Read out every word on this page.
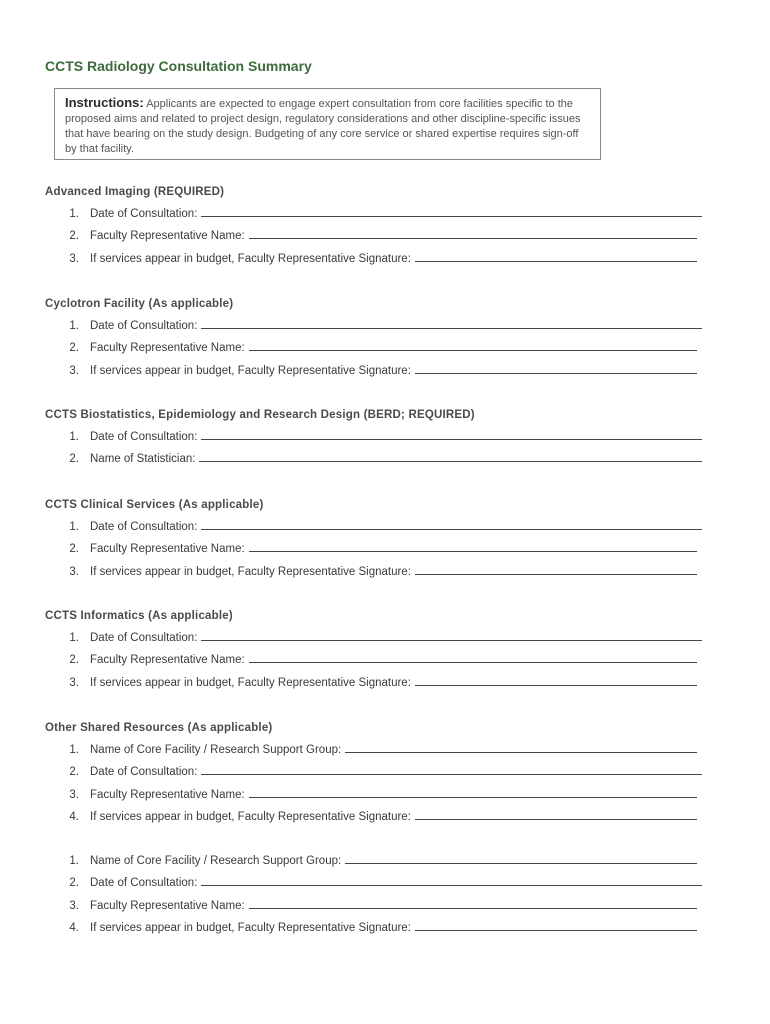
CCTS Radiology Consultation Summary
Instructions: Applicants are expected to engage expert consultation from core facilities specific to the proposed aims and related to project design, regulatory considerations and other discipline-specific issues that have bearing on the study design. Budgeting of any core service or shared expertise requires sign-off by that facility.
Advanced Imaging (REQUIRED)
1. Date of Consultation:
2. Faculty Representative Name:
3. If services appear in budget, Faculty Representative Signature:
Cyclotron Facility (As applicable)
1. Date of Consultation:
2. Faculty Representative Name:
3. If services appear in budget, Faculty Representative Signature:
CCTS Biostatistics, Epidemiology and Research Design (BERD; REQUIRED)
1. Date of Consultation:
2. Name of Statistician:
CCTS Clinical Services (As applicable)
1. Date of Consultation:
2. Faculty Representative Name:
3. If services appear in budget, Faculty Representative Signature:
CCTS Informatics (As applicable)
1. Date of Consultation:
2. Faculty Representative Name:
3. If services appear in budget, Faculty Representative Signature:
Other Shared Resources (As applicable)
1. Name of Core Facility / Research Support Group:
2. Date of Consultation:
3. Faculty Representative Name:
4. If services appear in budget, Faculty Representative Signature:
1. Name of Core Facility / Research Support Group:
2. Date of Consultation:
3. Faculty Representative Name:
4. If services appear in budget, Faculty Representative Signature:
